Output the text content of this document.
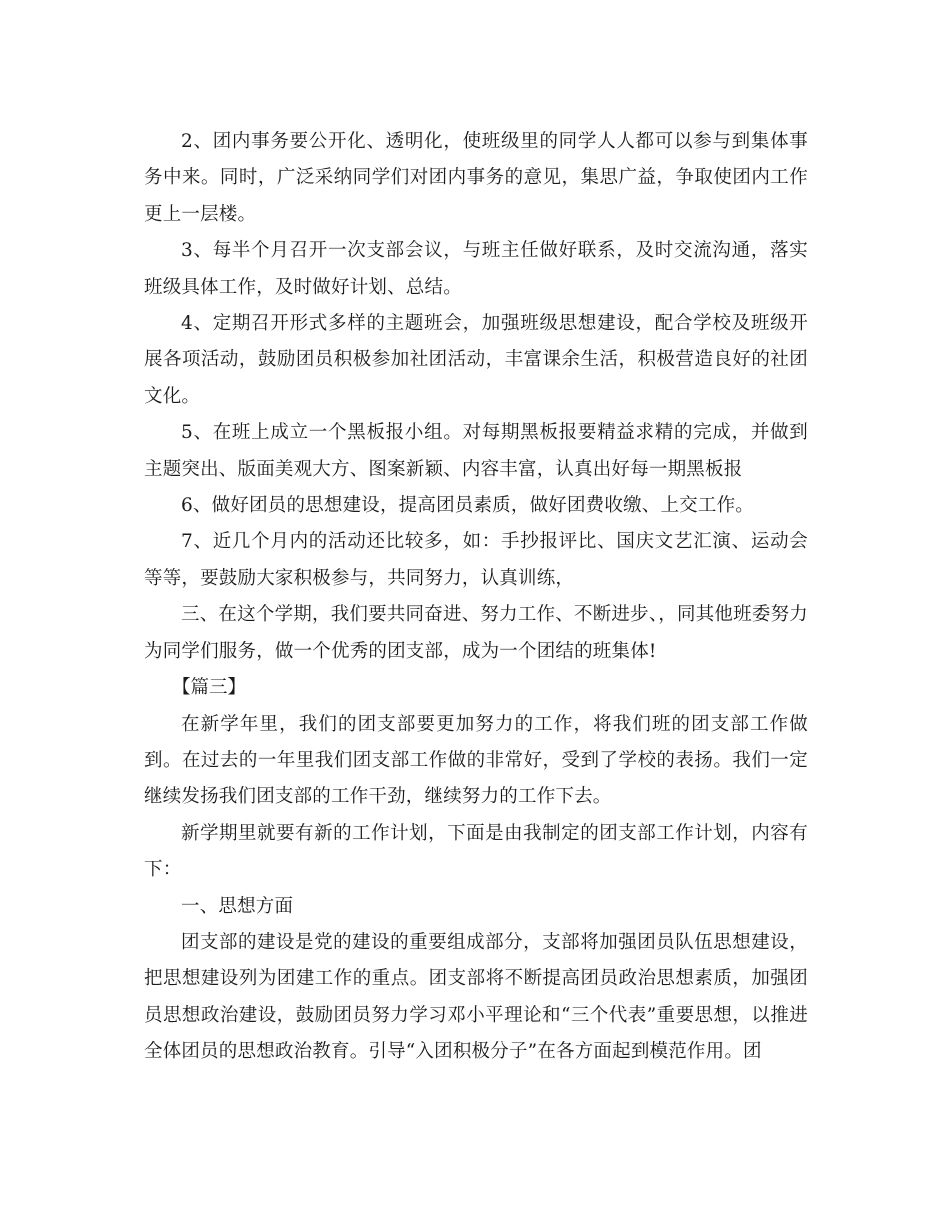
2、团内事务要公开化、透明化，使班级里的同学人人都可以参与到集体事务中来。同时，广泛采纳同学们对团内事务的意见，集思广益，争取使团内工作更上一层楼。

3、每半个月召开一次支部会议，与班主任做好联系，及时交流沟通，落实班级具体工作，及时做好计划、总结。

4、定期召开形式多样的主题班会，加强班级思想建设，配合学校及班级开展各项活动，鼓励团员积极参加社团活动，丰富课余生活，积极营造良好的社团文化。

5、在班上成立一个黑板报小组。对每期黑板报要精益求精的完成，并做到主题突出、版面美观大方、图案新颖、内容丰富，认真出好每一期黑板报

6、做好团员的思想建设，提高团员素质，做好团费收缴、上交工作。

7、近几个月内的活动还比较多，如：手抄报评比、国庆文艺汇演、运动会等等，要鼓励大家积极参与，共同努力，认真训练，

三、在这个学期，我们要共同奋进、努力工作、不断进步、，同其他班委努力为同学们服务，做一个优秀的团支部，成为一个团结的班集体!

【篇三】

在新学年里，我们的团支部要更加努力的工作，将我们班的团支部工作做到。在过去的一年里我们团支部工作做的非常好，受到了学校的表扬。我们一定继续发扬我们团支部的工作干劲，继续努力的工作下去。

新学期里就要有新的工作计划，下面是由我制定的团支部工作计划，内容有下：

一、思想方面

团支部的建设是党的建设的重要组成部分，支部将加强团员队伍思想建设，把思想建设列为团建工作的重点。团支部将不断提高团员政治思想素质，加强团员思想政治建设，鼓励团员努力学习邓小平理论和“三个代表”重要思想，以推进全体团员的思想政治教育。引导“入团积极分子”在各方面起到模范作用。团
